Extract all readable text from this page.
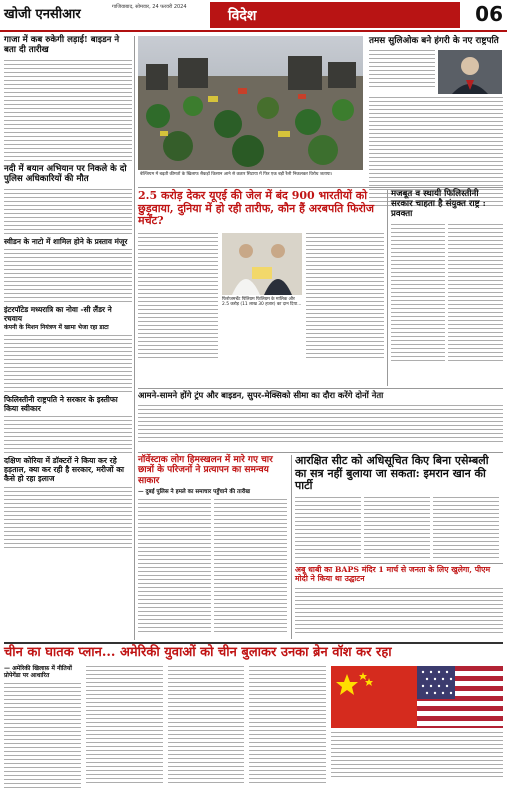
खोजी एनसीआर	गाजियाबाद, सोमवार, 24 फरवरी 2024
विदेश	06
गाजा में कब रुकेगी लड़ाई! बाइडन ने बता दी तारीख
नदी में बयान अभियान पर निकले के दो पुलिस अधिकारियों की मौत
स्वीडन के नाटो में शामिल होने के प्रस्ताव मंजूर
इंटरपॉटेड मध्यरात्रि का नोवा -सी लैंडर ने रचवाय
कंपनी के मिशन नियंत्रण में खामा भेजा रहा डाटा
फिलिस्तीनी राष्ट्रपति ने सरकार के इस्तीफा किया स्वीकार
दक्षिण कोरिया में डॉक्टरों ने किया कर रहे हड़ताल, क्या कर रही है सरकार, मरीजों का कैसे हो रहा इलाज
बेल्जियम में बढ़ती कीमतों के खिलाफ सैकड़ों किसान आने से कतार सिटाया में फिर एक बड़ी रैली निकलकर विरोध जताया।
तमस सुलिओक बने हंगरी के नए राष्ट्रपति
2.5 करोड़ देकर यूएई की जेल में बंद 900 भारतीयों को छुड़वाया, दुनिया में हो रही तारीफ, कौन हैं अरबपति फिरोज मर्चेंट?
फिरोजमर्चेंट पिलिग्रम फिलिग्रम के मालिक और 2.5 करोड़ (11 लाख 30 हजार) का दान दिया...
मजबूत व स्थायी फिलिस्तीनी सरकार चाहता है संयुक्त राष्ट्र : प्रवक्ता
आमने-सामने होंगे ट्रंप और बाइडन, सुपर-मेक्सिको सीमा का दौरा करेंगे दोनों नेता
नॉर्वेस्टाक लोग हिमस्खलन में मारे गए चार छात्रों के परिजनों ने प्रत्यापन का समन्वय साकार
— दुबई पुलिस ने हमले का समाचार पहुँचाने की तारीख
आरक्षित सीट को अधिसूचित किए बिना एसेम्बली का सत्र नहीं बुलाया जा सकता: इमरान खान की पार्टी
अबू धाबी का BAPS मंदिर 1 मार्च से जनता के लिए खुलेगा, पीएम मोदी ने किया था उद्घाटन
चीन का घातक प्लान... अमेरिकी युवाओं को चीन बुलाकर उनका ब्रेन वॉश कर रहा
— अमेरिकी खिलाफ़ में नीतियों प्रोपेगेंडा पर आधारित
